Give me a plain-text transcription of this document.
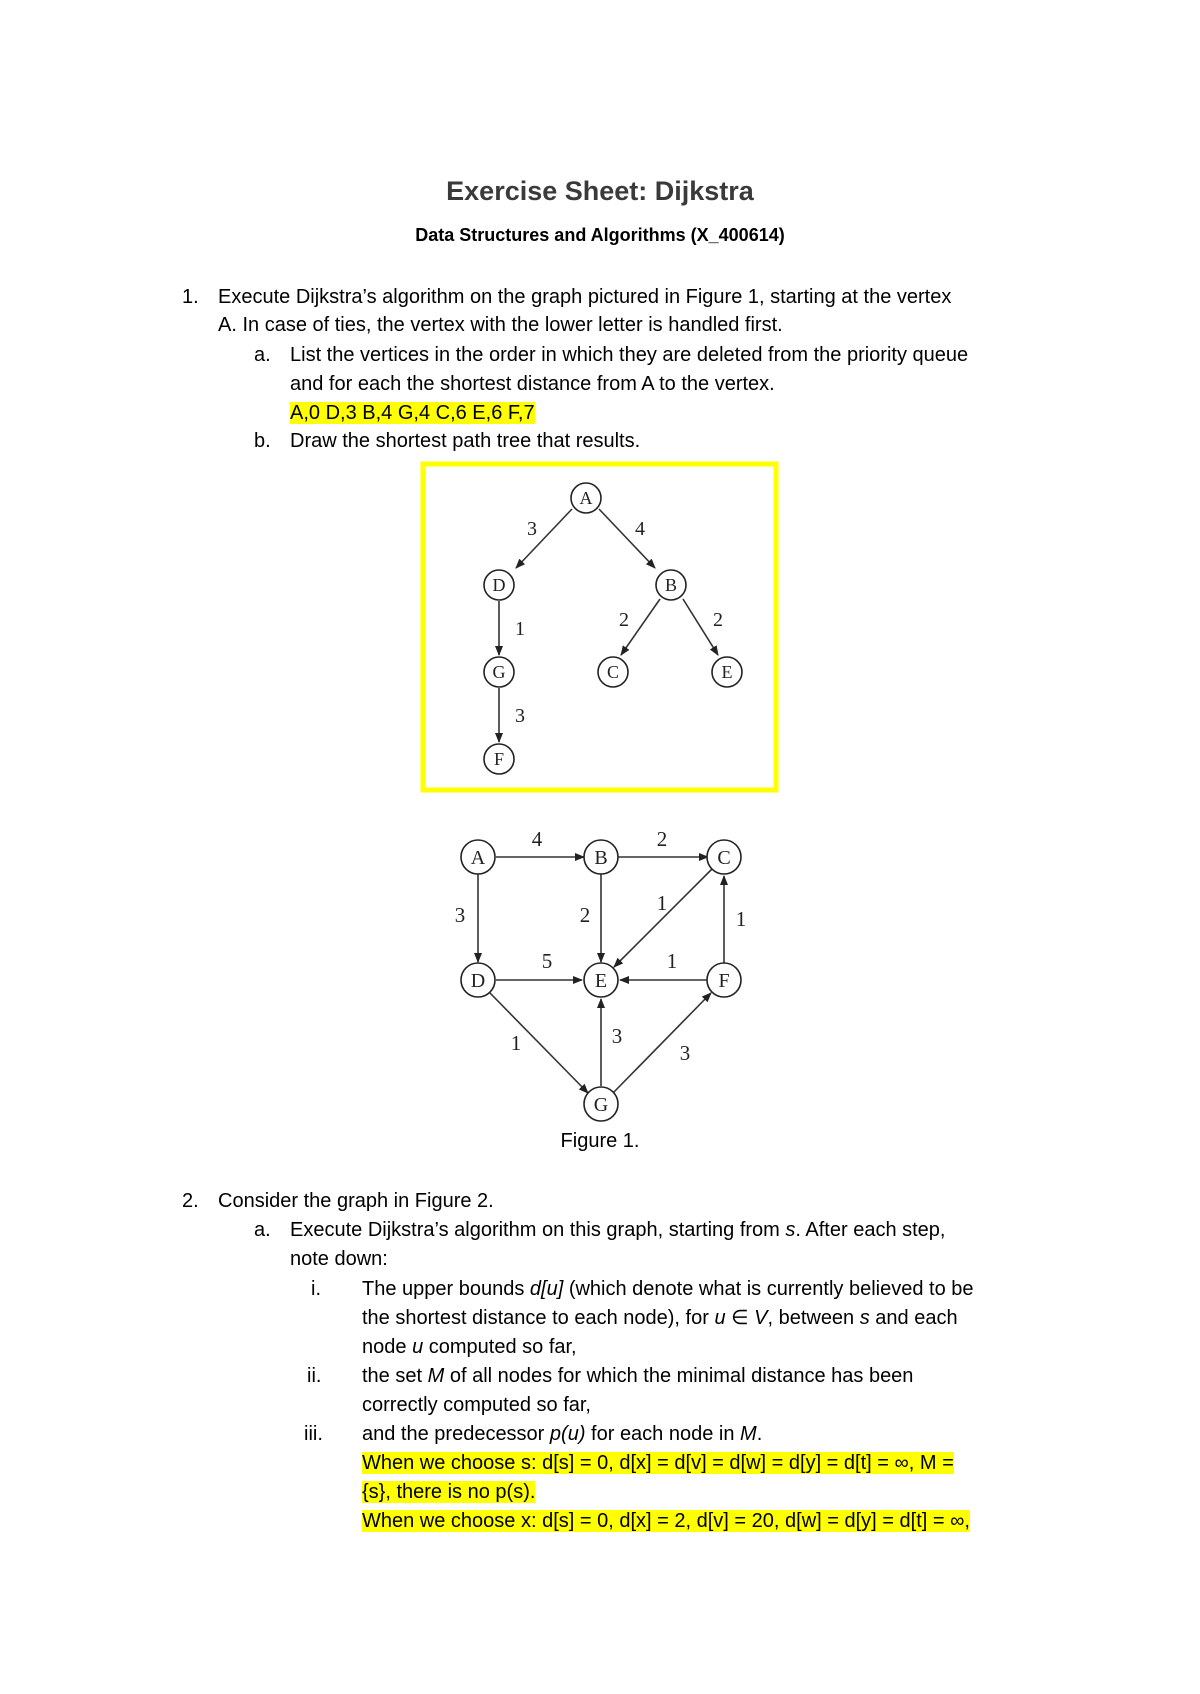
Exercise Sheet: Dijkstra
Data Structures and Algorithms (X_400614)
1. Execute Dijkstra’s algorithm on the graph pictured in Figure 1, starting at the vertex
A. In case of ties, the vertex with the lower letter is handled first.
a. List the vertices in the order in which they are deleted from the priority queue
and for each the shortest distance from A to the vertex.
A,0 D,3 B,4 G,4 C,6 E,6 F,7
b. Draw the shortest path tree that results.
A
D	B
G	C	E
F
3	4
1	2	2
3
A	B	C
D	E	F
G
4	2
3	2	1
1
5	1
1	3
3
Figure 1.
2. Consider the graph in Figure 2.
a. Execute Dijkstra’s algorithm on this graph, starting from s. After each step,
note down:
i. The upper bounds d[u] (which denote what is currently believed to be
the shortest distance to each node), for u ∈ V, between s and each
node u computed so far,
ii. the set M of all nodes for which the minimal distance has been
correctly computed so far,
iii. and the predecessor p(u) for each node in M.
When we choose s: d[s] = 0, d[x] = d[v] = d[w] = d[y] = d[t] = ∞, M =
{s}, there is no p(s).
When we choose x: d[s] = 0, d[x] = 2, d[v] = 20, d[w] = d[y] = d[t] = ∞,
